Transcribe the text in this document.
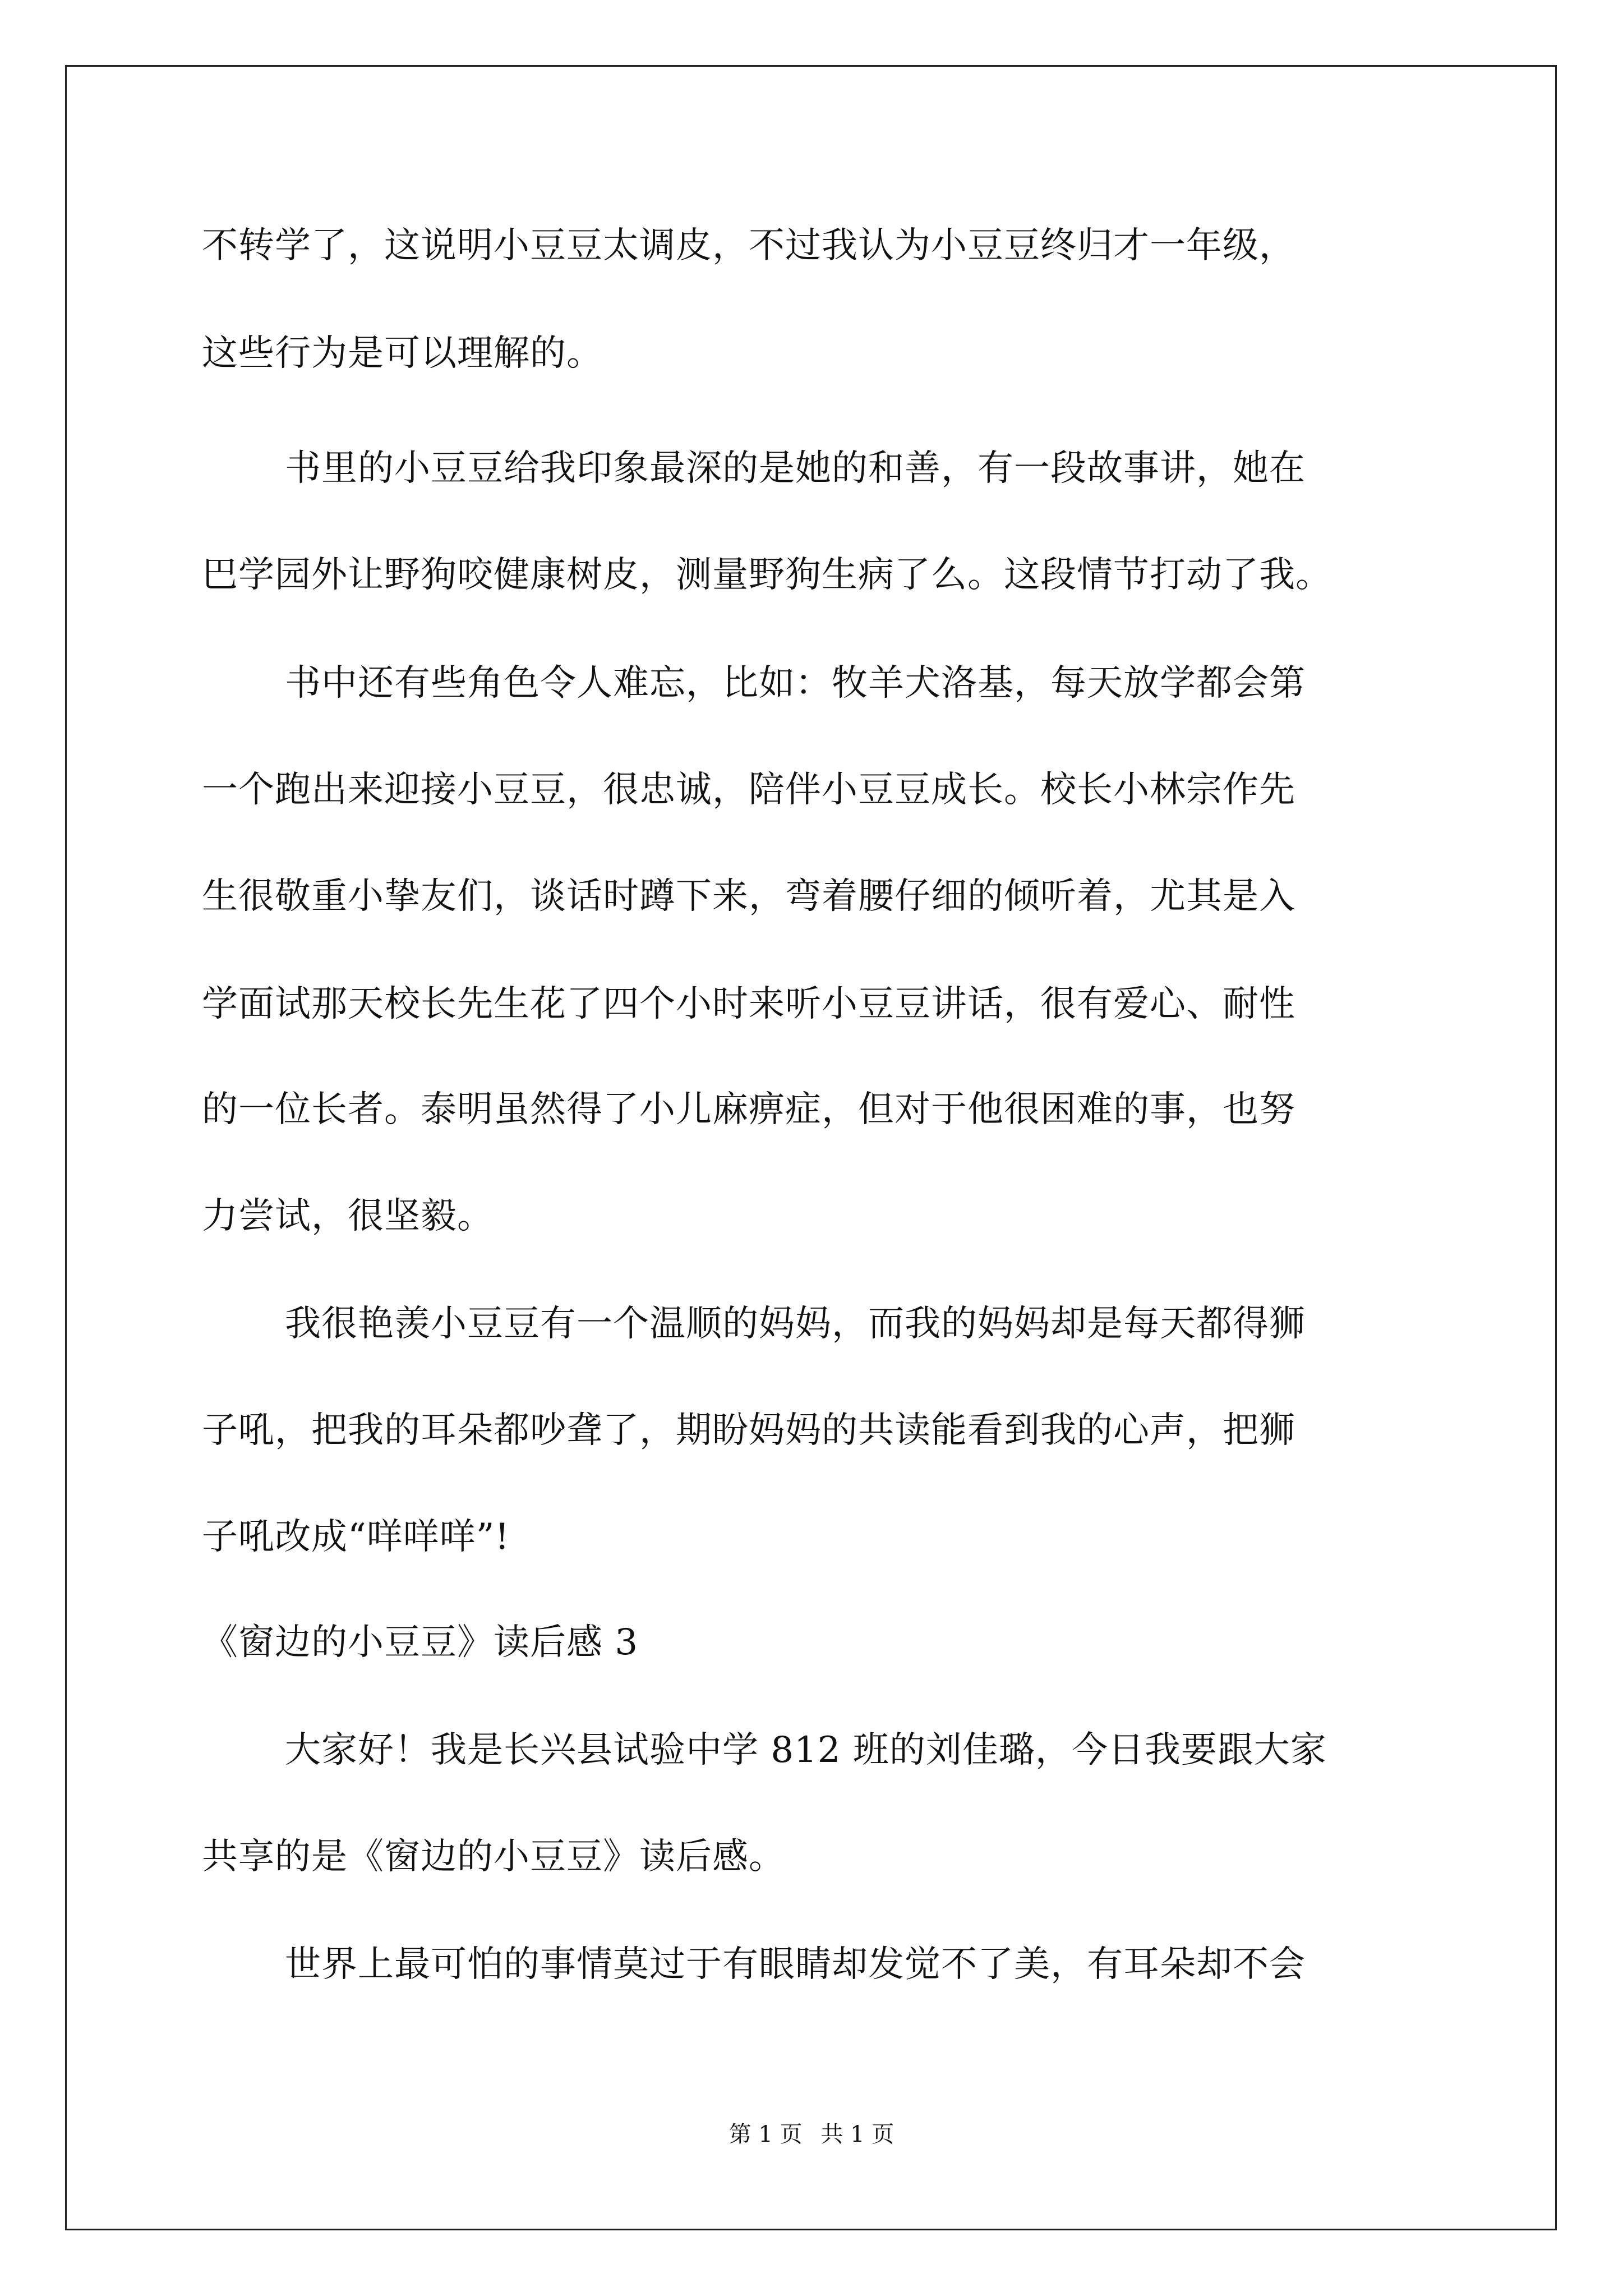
不转学了，这说明小豆豆太调皮，不过我认为小豆豆终归才一年级，
这些行为是可以理解的。
书里的小豆豆给我印象最深的是她的和善，有一段故事讲，她在
巴学园外让野狗咬健康树皮，测量野狗生病了么。这段情节打动了我。
书中还有些角色令人难忘，比如：牧羊犬洛基，每天放学都会第
一个跑出来迎接小豆豆，很忠诚，陪伴小豆豆成长。校长小林宗作先
生很敬重小挚友们，谈话时蹲下来，弯着腰仔细的倾听着，尤其是入
学面试那天校长先生花了四个小时来听小豆豆讲话，很有爱心、耐性
的一位长者。泰明虽然得了小儿麻痹症，但对于他很困难的事，也努
力尝试，很坚毅。
我很艳羡小豆豆有一个温顺的妈妈，而我的妈妈却是每天都得狮
子吼，把我的耳朵都吵聋了，期盼妈妈的共读能看到我的心声，把狮
子吼改成“咩咩咩”!
《窗边的小豆豆》读后感 3
大家好！我是长兴县试验中学 812 班的刘佳璐，今日我要跟大家
共享的是《窗边的小豆豆》读后感。
世界上最可怕的事情莫过于有眼睛却发觉不了美，有耳朵却不会
第 1 页 共 1 页
